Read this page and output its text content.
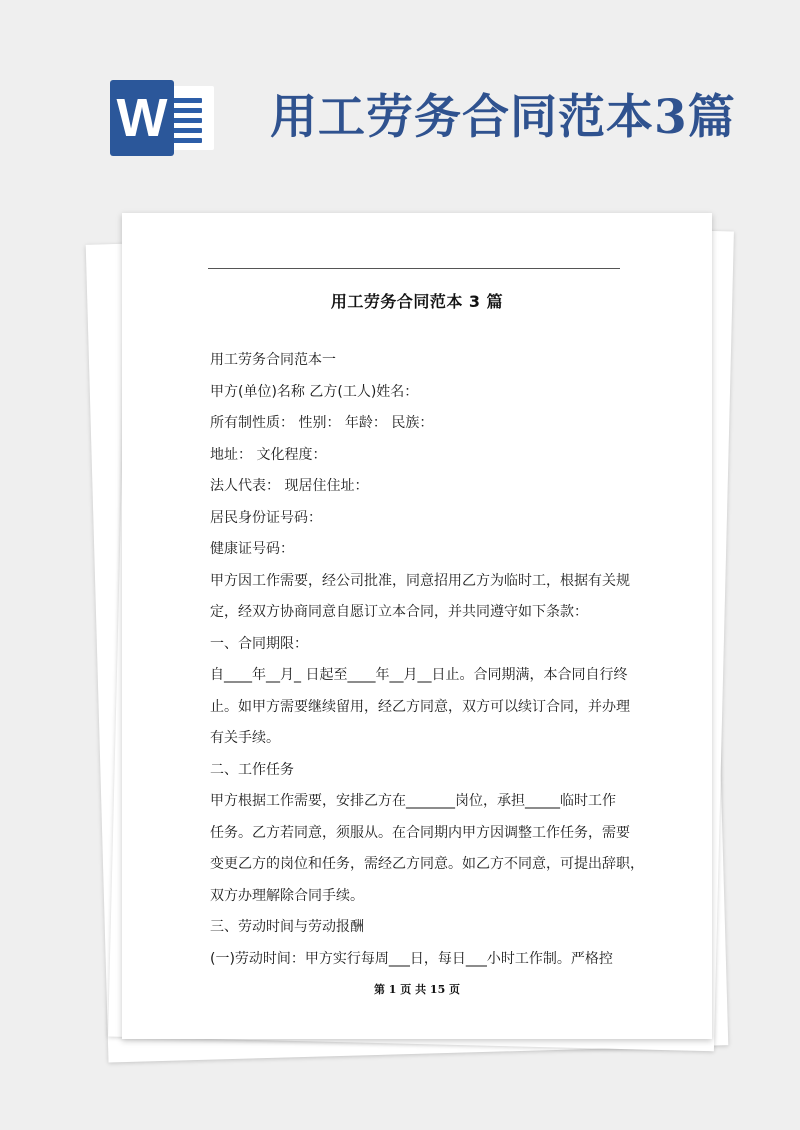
W 用工劳务合同范本3篇
用工劳务合同范本 3 篇
用工劳务合同范本一
甲方(单位)名称 乙方(工人)姓名：
所有制性质： 性别： 年龄： 民族：
地址： 文化程度：
法人代表： 现居住住址：
居民身份证号码：
健康证号码：
甲方因工作需要，经公司批准，同意招用乙方为临时工，根据有关规
定，经双方协商同意自愿订立本合同，并共同遵守如下条款：
一、合同期限：
自____年__月_ 日起至____年__月__日止。合同期满，本合同自行终
止。如甲方需要继续留用，经乙方同意，双方可以续订合同，并办理
有关手续。
二、工作任务
甲方根据工作需要，安排乙方在_______岗位，承担_____临时工作
任务。乙方若同意，须服从。在合同期内甲方因调整工作任务，需要
变更乙方的岗位和任务，需经乙方同意。如乙方不同意，可提出辞职，
双方办理解除合同手续。
三、劳动时间与劳动报酬
(一)劳动时间：甲方实行每周___日，每日___小时工作制。严格控
第 1 页 共 15 页
